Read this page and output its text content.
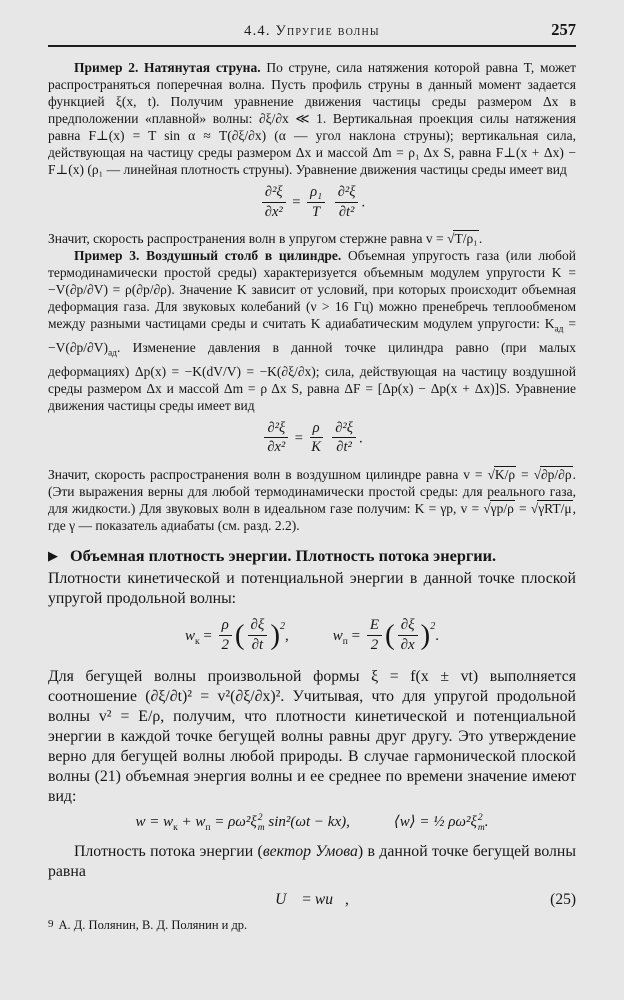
4.4. Упругие волны	257

Пример 2. Натянутая струна. По струне, сила натяжения которой равна T, может распространяться поперечная волна. Пусть профиль струны в данный момент задается функцией ξ(x, t). Получим уравнение движения частицы среды размером Δx в предположении «плавной» волны: ∂ξ/∂x ≪ 1. Вертикальная проекция силы натяжения равна F⊥(x) = T sin α ≈ T(∂ξ/∂x) (α — угол наклона струны); вертикальная сила, действующая на частицу среды размером Δx и массой Δm = ρ₁ Δx S, равна F⊥(x + Δx) − F⊥(x) (ρ₁ — линейная плотность струны). Уравнение движения частицы среды имеет вид

$\frac{\text{∂²ξ}}{\text{∂x²}} = \frac{\text{ρ₁}}{T}$
$\frac{\text{∂²ξ}}{\text{∂t²}}$ .

Значит, скорость распространения волн в упругом стержне равна v = √T/ρ₁.

Пример 3. Воздушный столб в цилиндре. Объемная упругость газа (или любой термодинамически простой среды) характеризуется объемным модулем упругости K = −V(∂p/∂V) = ρ(∂p/∂ρ). Значение K зависит от условий, при которых происходит объемная деформация газа. Для звуковых колебаний (ν > 16 Гц) можно пренебречь теплообменом между разными частицами среды и считать K адиабатическим модулем упругости: $K_{ад} = -V(\partial p/\partial V)_{ад}$. Изменение давления в данной точке цилиндра равно (при малых деформациях) Δp(x) = −K(dV/V) = −K(∂ξ/∂x); сила, действующая на частицу воздушной среды размером Δx и массой Δm = ρ Δx S, равна ΔF = [Δp(x) − Δp(x + Δx)]S. Уравнение движения частицы среды имеет вид

$\frac{\text{∂²ξ}}{\text{∂x²}} = \frac{\rho}{K}$
$\frac{\text{∂²ξ}}{\text{∂t²}}$ .

Значит, скорость распространения волн в воздушном цилиндре равна v = √K/ρ = √∂p/∂ρ. (Эти выражения верны для любой термодинамически простой среды: для реального газа, для жидкости.) Для звуковых волн в идеальном газе получим: K = γp, v = √γp/ρ = √γRT/μ, где γ — показатель адиабаты (см. разд. 2.2).

▶ Объемная плотность энергии. Плотность потока энергии.

Плотности кинетической и потенциальной энергии в данной точке плоской упругой продольной волны:

$w_к = \frac{\rho}{2}$ ( $\frac{\partial\xi}{\partial t} )^2$,	$w_п = \frac{E}{2}$ ( $\frac{\partial\xi}{\partial x} )^2$.

Для бегущей волны произвольной формы ξ = f(x ± vt) выполняется соотношение (∂ξ/∂t)² = v²(∂ξ/∂x)². Учитывая, что для упругой продольной волны v² = E/ρ, получим, что плотности кинетической и потенциальной энергии в каждой точке бегущей волны равны друг другу. Это утверждение верно для бегущей волны любой природы. В случае гармонической плоской волны (21) объемная энергия волны и ее среднее по времени значение имеют вид:

$w = w_к + w_п = \rho\omega^2\xi$ 2
m sin²(ωt − kx),	⟨w⟩ = ½ ρω²ξ 2
m .

Плотность потока энергии (вектор Умова) в данной точке бегущей волны равна

U⃗ = wu⃗,	(25)

9 А. Д. Полянин, В. Д. Полянин и др.
